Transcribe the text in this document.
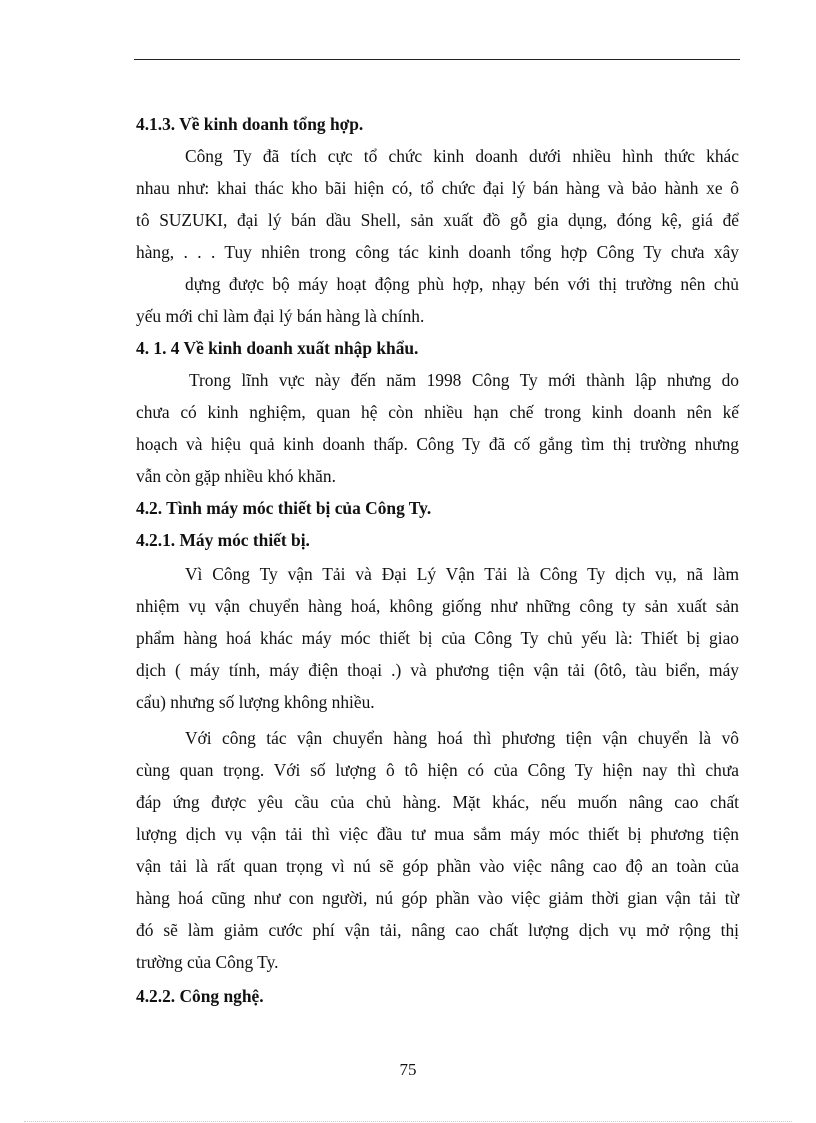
4.1.3. Về kinh doanh tổng hợp.
Công Ty đã tích cực tổ chức kinh doanh dưới nhiều hình thức khác
nhau như: khai thác kho bãi hiện có, tổ chức đại lý bán hàng và bảo hành xe ô
tô SUZUKI, đại lý bán dầu Shell, sản xuất đồ gỗ gia dụng, đóng kệ, giá để
hàng, . . . Tuy nhiên trong công tác kinh doanh tổng hợp Công Ty chưa xây
dựng được bộ máy hoạt động phù hợp, nhạy bén với thị trường nên chủ
yếu mới chỉ làm đại lý bán hàng là chính.
4. 1. 4 Về kinh doanh xuất nhập khẩu.
Trong lĩnh vực này đến năm 1998 Công Ty mới thành lập nhưng do
chưa có kinh nghiệm, quan hệ còn nhiều hạn chế trong kinh doanh nên kế
hoạch và hiệu quả kinh doanh thấp. Công Ty đã cố gắng tìm thị trường nhưng
vẫn còn gặp nhiều khó khăn.
4.2. Tình máy móc thiết bị của Công Ty.
4.2.1. Máy móc thiết bị.
Vì Công Ty vận Tải và Đại Lý Vận Tải là Công Ty dịch vụ, nã làm
nhiệm vụ vận chuyển hàng hoá, không giống như những công ty sản xuất sản
phẩm hàng hoá khác máy móc thiết bị của Công Ty chủ yếu là: Thiết bị giao
dịch ( máy tính, máy điện thoại .) và phương tiện vận tải (ôtô, tàu biển, máy
cẩu) nhưng số lượng không nhiều.
Với công tác vận chuyển hàng hoá thì phương tiện vận chuyển là vô
cùng quan trọng. Với số lượng ô tô hiện có của Công Ty hiện nay thì chưa
đáp ứng được yêu cầu của chủ hàng. Mặt khác, nếu muốn nâng cao chất
lượng dịch vụ vận tải thì việc đầu tư mua sắm máy móc thiết bị phương tiện
vận tải là rất quan trọng vì nú sẽ góp phần vào việc nâng cao độ an toàn của
hàng hoá cũng như con người, nú góp phần vào việc giảm thời gian vận tải từ
đó sẽ làm giảm cước phí vận tải, nâng cao chất lượng dịch vụ mở rộng thị
trường của Công Ty.
4.2.2. Công nghệ.
75
